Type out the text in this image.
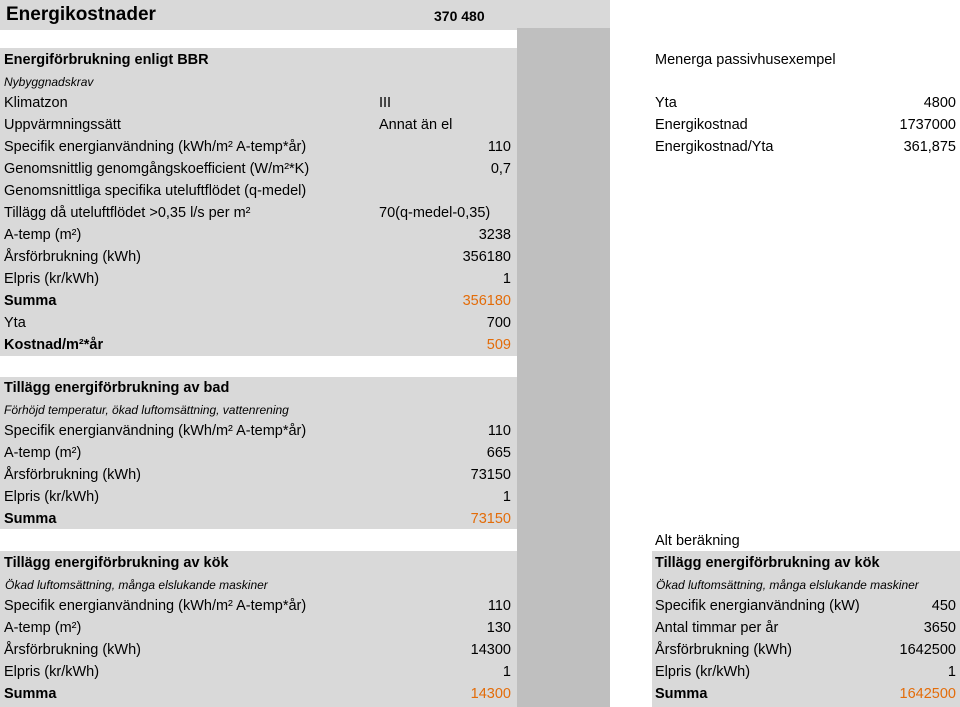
Energikostnader	370 480
Energiförbrukning enligt BBR
Nybyggnadskrav
Klimatzon	III
Uppvärmningssätt	Annat än el
Specifik energianvändning (kWh/m² A-temp*år)	110
Genomsnittlig genomgångskoefficient (W/m²*K)	0,7
Genomsnittliga specifika uteluftflödet (q-medel)
Tillägg då uteluftflödet >0,35 l/s per m²	70(q-medel-0,35)
A-temp (m²)	3238
Årsförbrukning (kWh)	356180
Elpris (kr/kWh)	1
Summa	356180
Yta	700
Kostnad/m²*år	509
Menerga passivhusexempel
Yta	4800
Energikostnad	1737000
Energikostnad/Yta	361,875
Tillägg energiförbrukning av bad
Förhöjd temperatur, ökad luftomsättning, vattenrening
Specifik energianvändning (kWh/m² A-temp*år)	110
A-temp (m²)	665
Årsförbrukning (kWh)	73150
Elpris (kr/kWh)	1
Summa	73150
Tillägg energiförbrukning av kök
Ökad luftomsättning, många elslukande maskiner
Specifik energianvändning (kWh/m² A-temp*år)	110
A-temp (m²)	130
Årsförbrukning (kWh)	14300
Elpris (kr/kWh)	1
Summa	14300
Alt beräkning
Tillägg energiförbrukning av kök
Ökad luftomsättning, många elslukande maskiner
Specifik energianvändning (kW)	450
Antal timmar per år	3650
Årsförbrukning (kWh)	1642500
Elpris (kr/kWh)	1
Summa	1642500
